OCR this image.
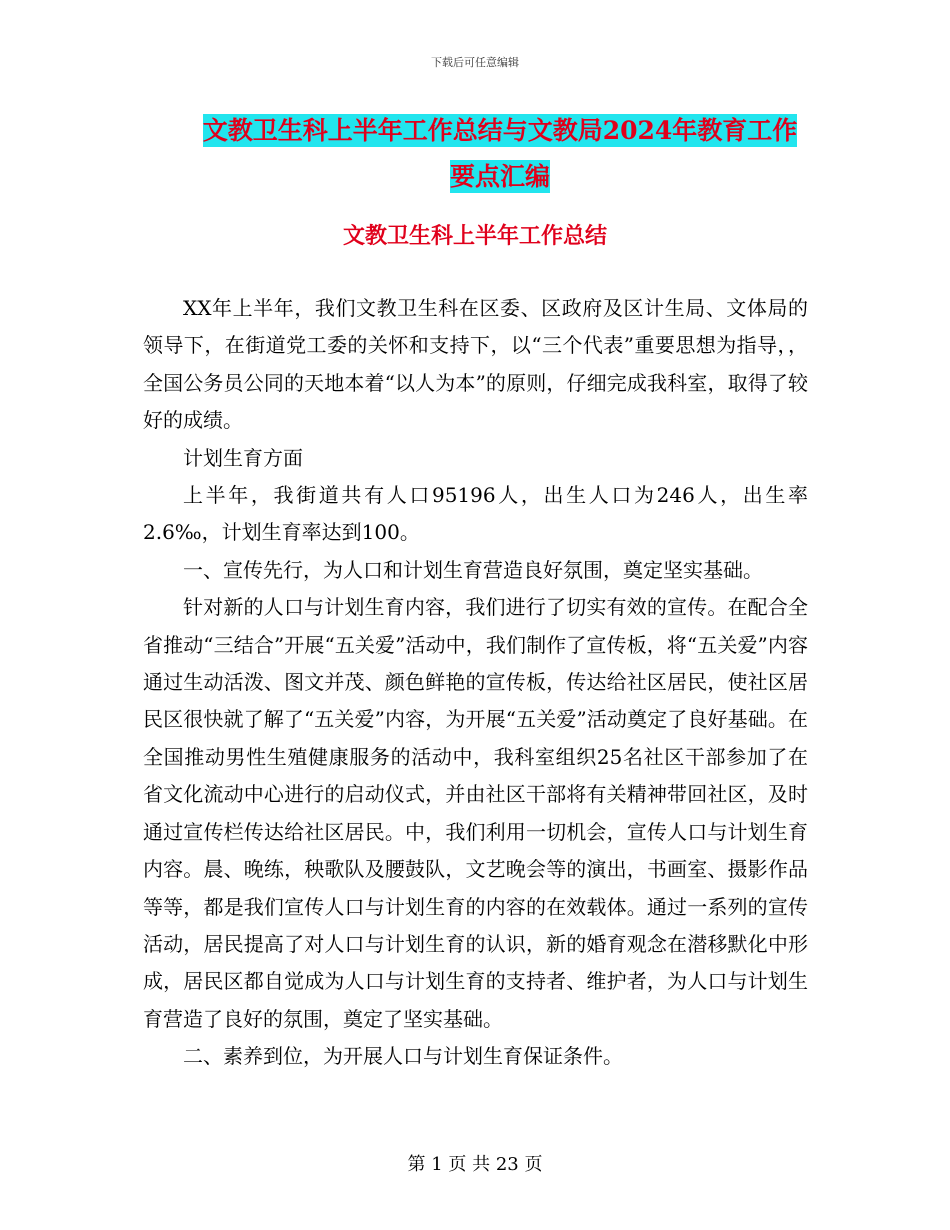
下载后可任意编辑
文教卫生科上半年工作总结与文教局2024年教育工作
要点汇编
文教卫生科上半年工作总结

XX年上半年，我们文教卫生科在区委、区政府及区计生局、文体局的领导下，在街道党工委的关怀和支持下，以“三个代表”重要思想为指导，，全国公务员公同的天地本着“以人为本”的原则，仔细完成我科室，取得了较好的成绩。

计划生育方面

上半年，我街道共有人口95196人，出生人口为246人，出生率2.6‰，计划生育率达到100。

一、宣传先行，为人口和计划生育营造良好氛围，奠定坚实基础。

针对新的人口与计划生育内容，我们进行了切实有效的宣传。在配合全省推动“三结合”开展“五关爱”活动中，我们制作了宣传板，将“五关爱”内容通过生动活泼、图文并茂、颜色鲜艳的宣传板，传达给社区居民，使社区居民区很快就了解了“五关爱”内容，为开展“五关爱”活动奠定了良好基础。在全国推动男性生殖健康服务的活动中，我科室组织25名社区干部参加了在省文化流动中心进行的启动仪式，并由社区干部将有关精神带回社区，及时通过宣传栏传达给社区居民。中，我们利用一切机会，宣传人口与计划生育内容。晨、晚练，秧歌队及腰鼓队，文艺晚会等的演出，书画室、摄影作品等等，都是我们宣传人口与计划生育的内容的在效载体。通过一系列的宣传活动，居民提高了对人口与计划生育的认识，新的婚育观念在潜移默化中形成，居民区都自觉成为人口与计划生育的支持者、维护者，为人口与计划生育营造了良好的氛围，奠定了坚实基础。

二、素养到位，为开展人口与计划生育保证条件。

第 1 页 共 23 页
